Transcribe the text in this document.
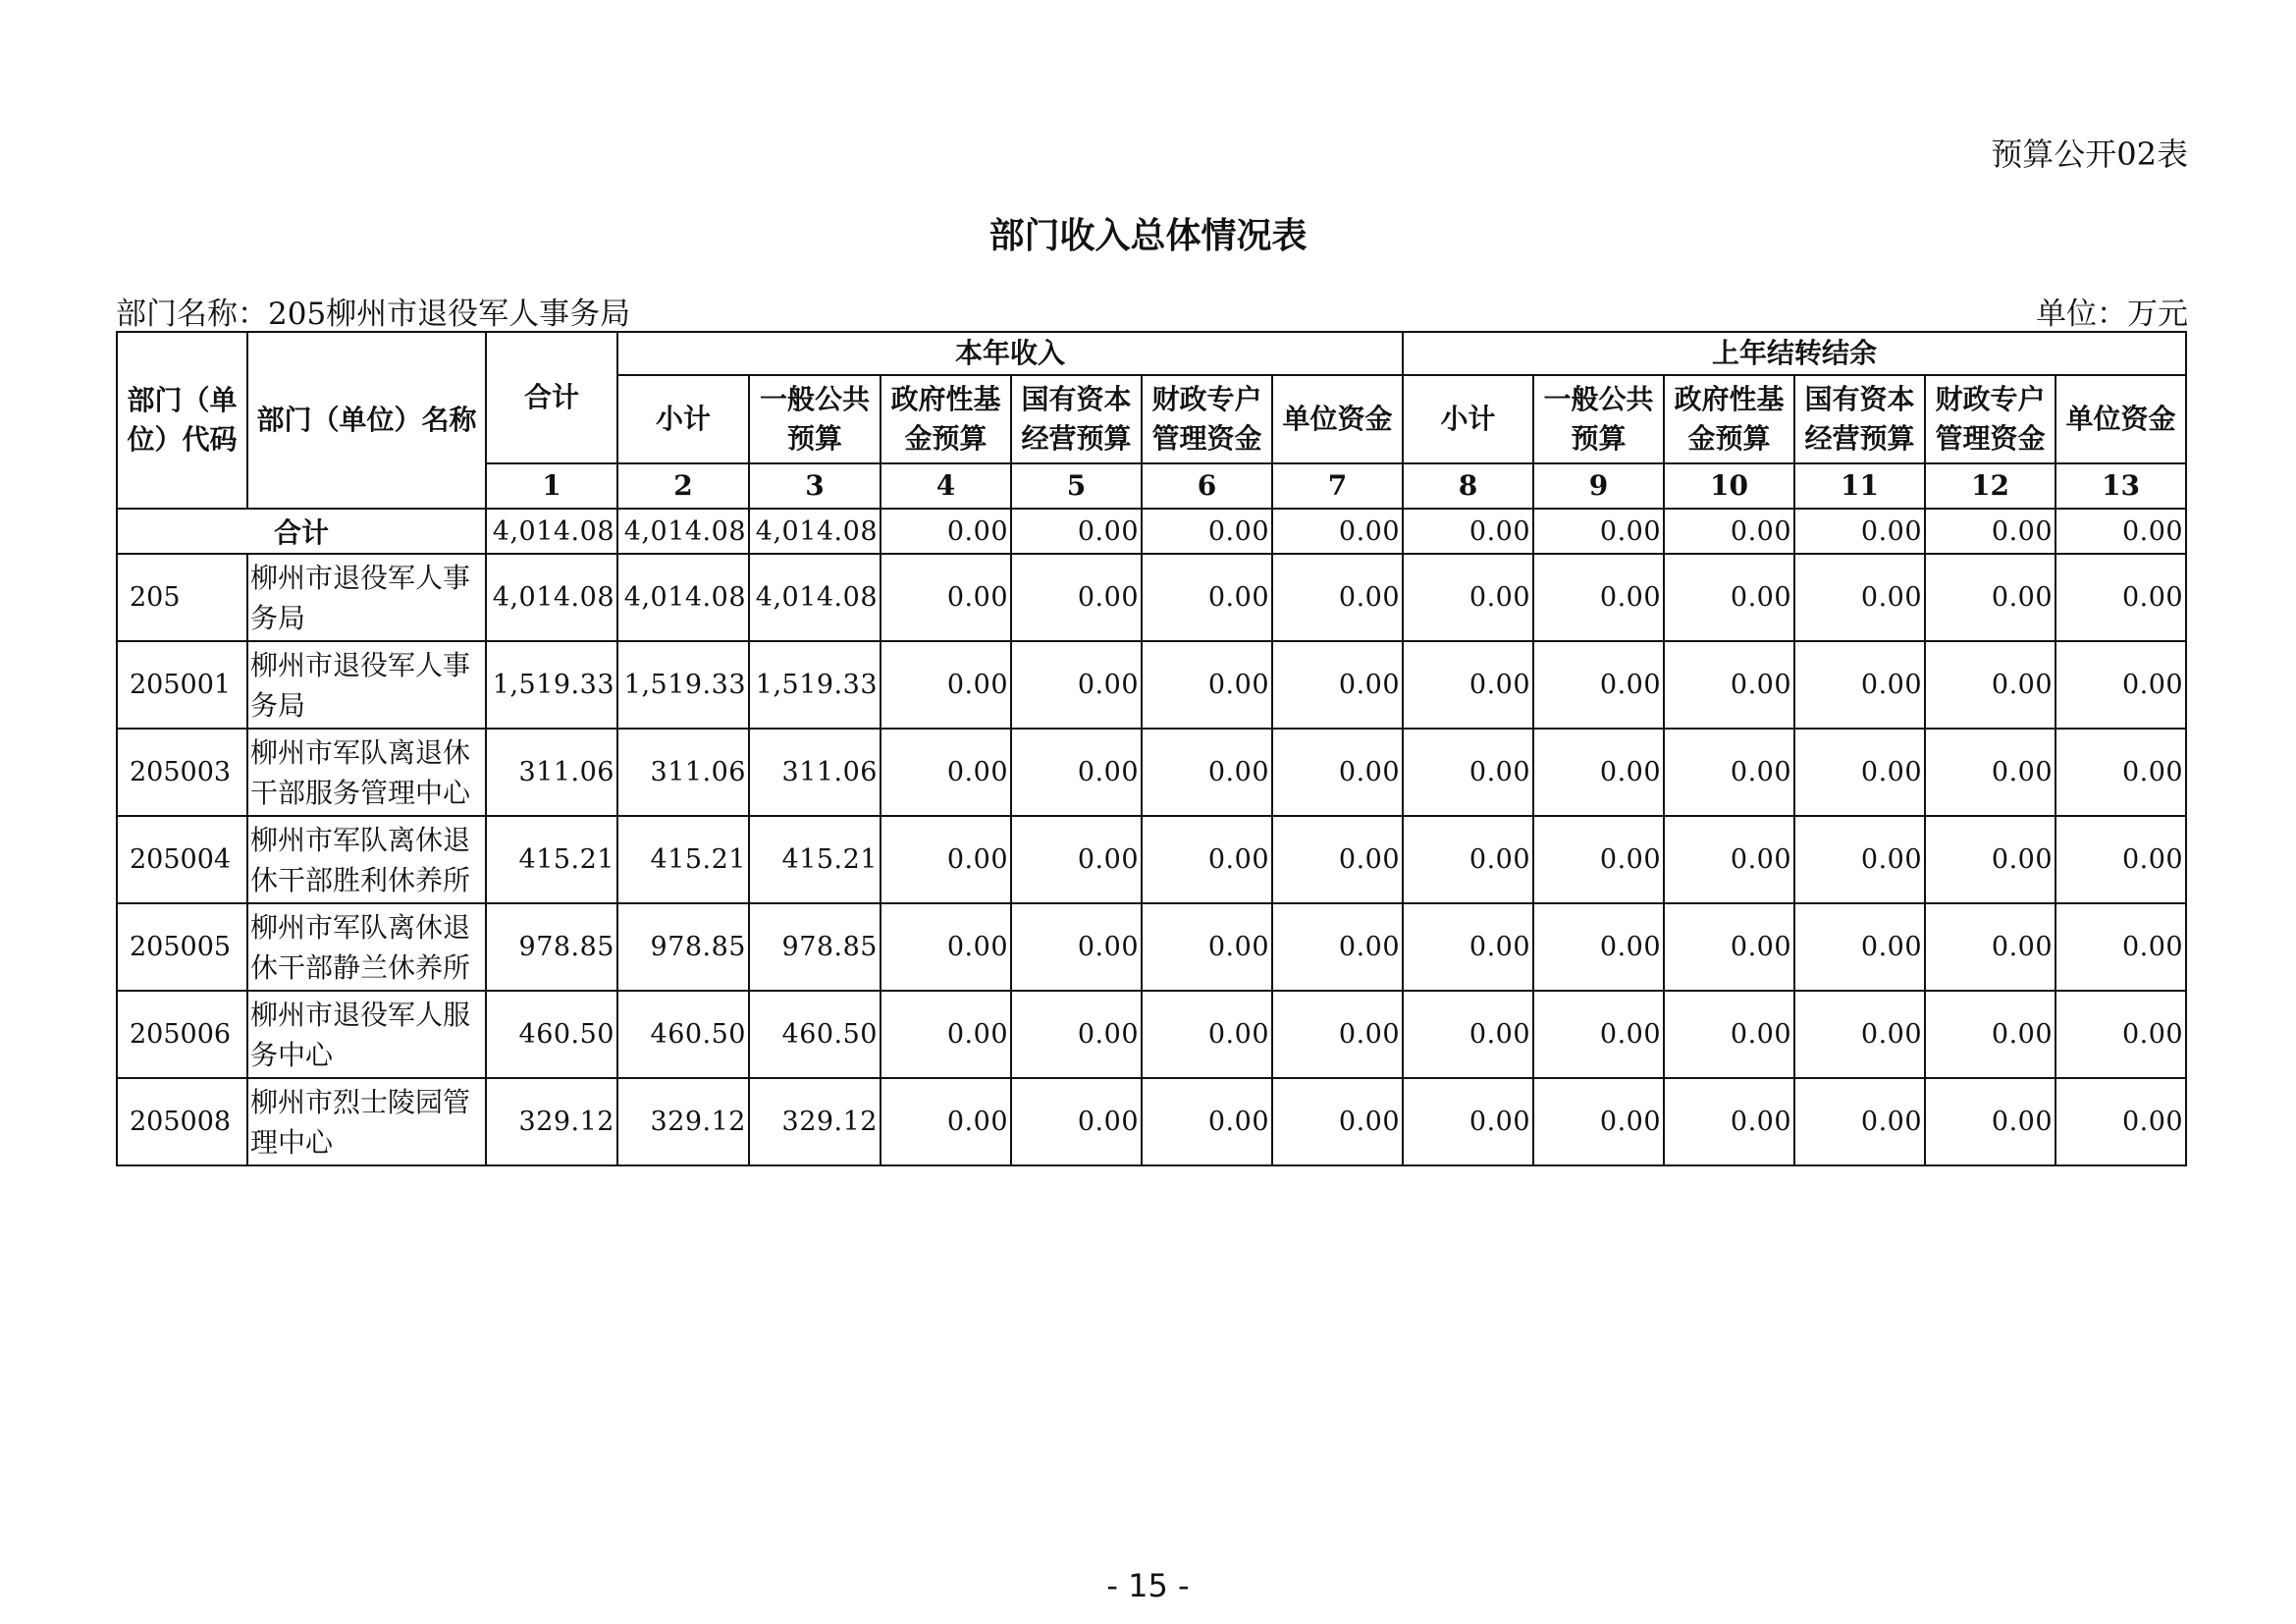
预算公开02表
部门收入总体情况表
部门名称：205柳州市退役军人事务局	单位：万元
部门（单位）代码	部门（单位）名称	合计	本年收入						上年结转结余					
			小计	一般公共预算	政府性基金预算	国有资本经营预算	财政专户管理资金	单位资金	小计	一般公共预算	政府性基金预算	国有资本经营预算	财政专户管理资金	单位资金
		1	2	3	4	5	6	7	8	9	10	11	12	13
合计		4,014.08	4,014.08	4,014.08	0.00	0.00	0.00	0.00	0.00	0.00	0.00	0.00	0.00	0.00
205	柳州市退役军人事务局	4,014.08	4,014.08	4,014.08	0.00	0.00	0.00	0.00	0.00	0.00	0.00	0.00	0.00	0.00
205001	柳州市退役军人事务局	1,519.33	1,519.33	1,519.33	0.00	0.00	0.00	0.00	0.00	0.00	0.00	0.00	0.00	0.00
205003	柳州市军队离退休干部服务管理中心	311.06	311.06	311.06	0.00	0.00	0.00	0.00	0.00	0.00	0.00	0.00	0.00	0.00
205004	柳州市军队离休退休干部胜利休养所	415.21	415.21	415.21	0.00	0.00	0.00	0.00	0.00	0.00	0.00	0.00	0.00	0.00
205005	柳州市军队离休退休干部静兰休养所	978.85	978.85	978.85	0.00	0.00	0.00	0.00	0.00	0.00	0.00	0.00	0.00	0.00
205006	柳州市退役军人服务中心	460.50	460.50	460.50	0.00	0.00	0.00	0.00	0.00	0.00	0.00	0.00	0.00	0.00
205008	柳州市烈士陵园管理中心	329.12	329.12	329.12	0.00	0.00	0.00	0.00	0.00	0.00	0.00	0.00	0.00	0.00
- 15 -
